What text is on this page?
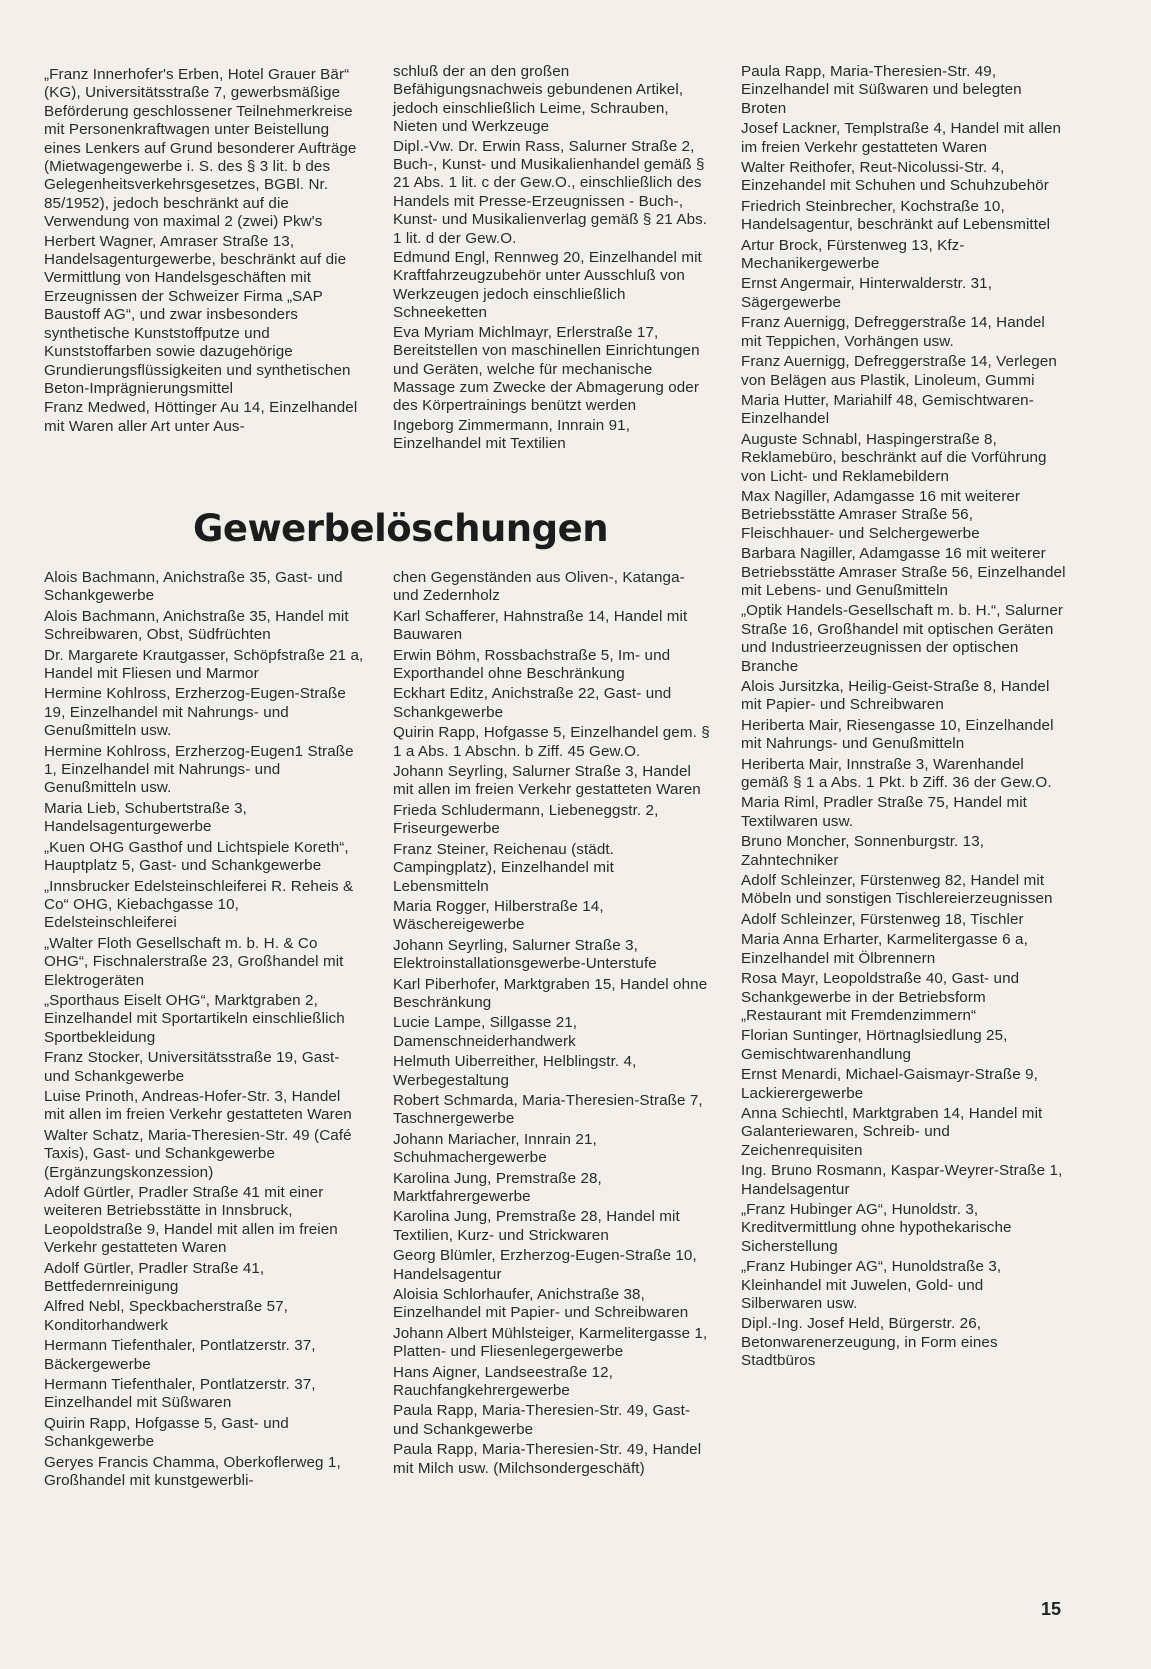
„Franz Innerhofer's Erben, Hotel Grauer Bär“ (KG), Universitätsstraße 7, gewerbsmäßige Beförderung geschlossener Teilnehmerkreise mit Personenkraftwagen unter Beistellung eines Lenkers auf Grund besonderer Aufträge (Mietwagengewerbe i. S. des § 3 lit. b des Gelegenheitsverkehrsgesetzes, BGBl. Nr. 85/1952), jedoch beschränkt auf die Verwendung von maximal 2 (zwei) Pkw's

Herbert Wagner, Amraser Straße 13, Handelsagenturgewerbe, beschränkt auf die Vermittlung von Handelsgeschäften mit Erzeugnissen der Schweizer Firma „SAP Baustoff AG“, und zwar insbesonders synthetische Kunststoffputze und Kunststoffarben sowie dazugehörige Grundierungsflüssigkeiten und synthetischen Beton-Imprägnierungsmittel

Franz Medwed, Höttinger Au 14, Einzelhandel mit Waren aller Art unter Aus-

schluß der an den großen Befähigungsnachweis gebundenen Artikel, jedoch einschließlich Leime, Schrauben, Nieten und Werkzeuge

Dipl.-Vw. Dr. Erwin Rass, Salurner Straße 2, Buch-, Kunst- und Musikalienhandel gemäß § 21 Abs. 1 lit. c der Gew.O., einschließlich des Handels mit Presse-Erzeugnissen - Buch-, Kunst- und Musikalienverlag gemäß § 21 Abs. 1 lit. d der Gew.O.

Edmund Engl, Rennweg 20, Einzelhandel mit Kraftfahrzeugzubehör unter Ausschluß von Werkzeugen jedoch einschließlich Schneeketten

Eva Myriam Michlmayr, Erlerstraße 17, Bereitstellen von maschinellen Einrichtungen und Geräten, welche für mechanische Massage zum Zwecke der Abmagerung oder des Körpertrainings benützt werden

Ingeborg Zimmermann, Innrain 91, Einzelhandel mit Textilien

Paula Rapp, Maria-Theresien-Str. 49, Einzelhandel mit Süßwaren und belegten Broten

Josef Lackner, Templstraße 4, Handel mit allen im freien Verkehr gestatteten Waren

Walter Reithofer, Reut-Nicolussi-Str. 4, Einzehandel mit Schuhen und Schuhzubehör

Friedrich Steinbrecher, Kochstraße 10, Handelsagentur, beschränkt auf Lebensmittel

Artur Brock, Fürstenweg 13, Kfz-Mechanikergewerbe

Ernst Angermair, Hinterwalderstr. 31, Sägergewerbe

Franz Auernigg, Defreggerstraße 14, Handel mit Teppichen, Vorhängen usw.

Franz Auernigg, Defreggerstraße 14, Verlegen von Belägen aus Plastik, Linoleum, Gummi

Maria Hutter, Mariahilf 48, Gemischtwaren-Einzelhandel

Auguste Schnabl, Haspingerstraße 8, Reklamebüro, beschränkt auf die Vorführung von Licht- und Reklamebildern

Max Nagiller, Adamgasse 16 mit weiterer Betriebsstätte Amraser Straße 56, Fleischhauer- und Selchergewerbe

Barbara Nagiller, Adamgasse 16 mit weiterer Betriebsstätte Amraser Straße 56, Einzelhandel mit Lebens- und Genußmitteln

„Optik Handels-Gesellschaft m. b. H.“, Salurner Straße 16, Großhandel mit optischen Geräten und Industrieerzeugnissen der optischen Branche

Alois Jursitzka, Heilig-Geist-Straße 8, Handel mit Papier- und Schreibwaren

Heriberta Mair, Riesengasse 10, Einzelhandel mit Nahrungs- und Genußmitteln

Heriberta Mair, Innstraße 3, Warenhandel gemäß § 1 a Abs. 1 Pkt. b Ziff. 36 der Gew.O.

Maria Riml, Pradler Straße 75, Handel mit Textilwaren usw.

Bruno Moncher, Sonnenburgstr. 13, Zahntechniker

Adolf Schleinzer, Fürstenweg 82, Handel mit Möbeln und sonstigen Tischlereierzeugnissen

Adolf Schleinzer, Fürstenweg 18, Tischler

Maria Anna Erharter, Karmelitergasse 6 a, Einzelhandel mit Ölbrennern

Rosa Mayr, Leopoldstraße 40, Gast- und Schankgewerbe in der Betriebsform „Restaurant mit Fremdenzimmern“

Florian Suntinger, Hörtnaglsiedlung 25, Gemischtwarenhandlung

Ernst Menardi, Michael-Gaismayr-Straße 9, Lackierergewerbe

Anna Schiechtl, Marktgraben 14, Handel mit Galanteriewaren, Schreib- und Zeichenrequisiten

Ing. Bruno Rosmann, Kaspar-Weyrer-Straße 1, Handelsagentur

„Franz Hubinger AG“, Hunoldstr. 3, Kreditvermittlung ohne hypothekarische Sicherstellung

„Franz Hubinger AG“, Hunoldstraße 3, Kleinhandel mit Juwelen, Gold- und Silberwaren usw.

Dipl.-Ing. Josef Held, Bürgerstr. 26, Betonwarenerzeugung, in Form eines Stadtbüros

Gewerbelöschungen

Alois Bachmann, Anichstraße 35, Gast- und Schankgewerbe

Alois Bachmann, Anichstraße 35, Handel mit Schreibwaren, Obst, Südfrüchten

Dr. Margarete Krautgasser, Schöpfstraße 21 a, Handel mit Fliesen und Marmor

Hermine Kohlross, Erzherzog-Eugen-Straße 19, Einzelhandel mit Nahrungs- und Genußmitteln usw.

Hermine Kohlross, Erzherzog-Eugen1 Straße 1, Einzelhandel mit Nahrungs- und Genußmitteln usw.

Maria Lieb, Schubertstraße 3, Handelsagenturgewerbe

„Kuen OHG Gasthof und Lichtspiele Koreth“, Hauptplatz 5, Gast- und Schankgewerbe

„Innsbrucker Edelsteinschleiferei R. Reheis & Co“ OHG, Kiebachgasse 10, Edelsteinschleiferei

„Walter Floth Gesellschaft m. b. H. & Co OHG“, Fischnalerstraße 23, Großhandel mit Elektrogeräten

„Sporthaus Eiselt OHG“, Marktgraben 2, Einzelhandel mit Sportartikeln einschließlich Sportbekleidung

Franz Stocker, Universitätsstraße 19, Gast- und Schankgewerbe

Luise Prinoth, Andreas-Hofer-Str. 3, Handel mit allen im freien Verkehr gestatteten Waren

Walter Schatz, Maria-Theresien-Str. 49 (Café Taxis), Gast- und Schankgewerbe (Ergänzungskonzession)

Adolf Gürtler, Pradler Straße 41 mit einer weiteren Betriebsstätte in Innsbruck, Leopoldstraße 9, Handel mit allen im freien Verkehr gestatteten Waren

Adolf Gürtler, Pradler Straße 41, Bettfedernreinigung

Alfred Nebl, Speckbacherstraße 57, Konditorhandwerk

Hermann Tiefenthaler, Pontlatzerstr. 37, Bäckergewerbe

Hermann Tiefenthaler, Pontlatzerstr. 37, Einzelhandel mit Süßwaren

Quirin Rapp, Hofgasse 5, Gast- und Schankgewerbe

Geryes Francis Chamma, Oberkoflerweg 1, Großhandel mit kunstgewerbli-

chen Gegenständen aus Oliven-, Katanga- und Zedernholz

Karl Schafferer, Hahnstraße 14, Handel mit Bauwaren

Erwin Böhm, Rossbachstraße 5, Im- und Exporthandel ohne Beschränkung

Eckhart Editz, Anichstraße 22, Gast- und Schankgewerbe

Quirin Rapp, Hofgasse 5, Einzelhandel gem. § 1 a Abs. 1 Abschn. b Ziff. 45 Gew.O.

Johann Seyrling, Salurner Straße 3, Handel mit allen im freien Verkehr gestatteten Waren

Frieda Schludermann, Liebeneggstr. 2, Friseurgewerbe

Franz Steiner, Reichenau (städt. Campingplatz), Einzelhandel mit Lebensmitteln

Maria Rogger, Hilberstraße 14, Wäschereigewerbe

Johann Seyrling, Salurner Straße 3, Elektroinstallationsgewerbe-Unterstufe

Karl Piberhofer, Marktgraben 15, Handel ohne Beschränkung

Lucie Lampe, Sillgasse 21, Damenschneiderhandwerk

Helmuth Uiberreither, Helblingstr. 4, Werbegestaltung

Robert Schmarda, Maria-Theresien-Straße 7, Taschnergewerbe

Johann Mariacher, Innrain 21, Schuhmachergewerbe

Karolina Jung, Premstraße 28, Marktfahrergewerbe

Karolina Jung, Premstraße 28, Handel mit Textilien, Kurz- und Strickwaren

Georg Blümler, Erzherzog-Eugen-Straße 10, Handelsagentur

Aloisia Schlorhaufer, Anichstraße 38, Einzelhandel mit Papier- und Schreibwaren

Johann Albert Mühlsteiger, Karmelitergasse 1, Platten- und Fliesenlegergewerbe

Hans Aigner, Landseestraße 12, Rauchfangkehrergewerbe

Paula Rapp, Maria-Theresien-Str. 49, Gast- und Schankgewerbe

Paula Rapp, Maria-Theresien-Str. 49, Handel mit Milch usw. (Milchsondergeschäft)

15
